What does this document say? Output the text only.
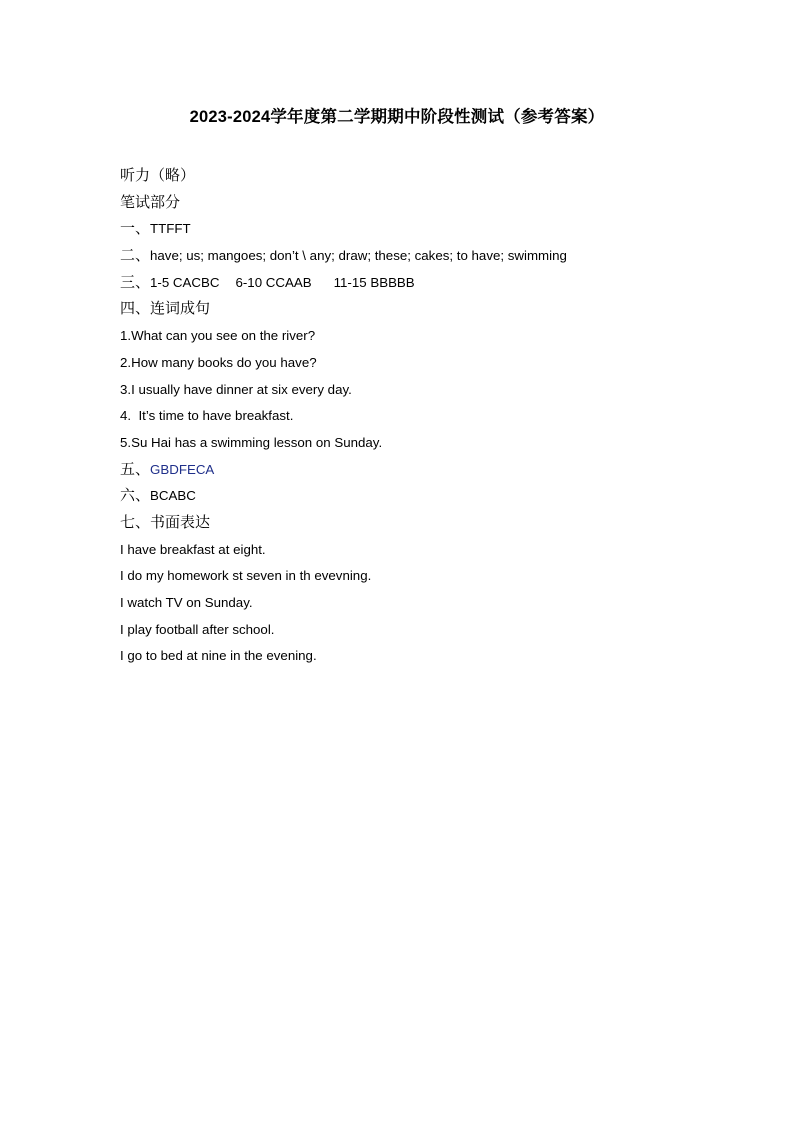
2023-2024学年度第二学期期中阶段性测试（参考答案）
听力（略）
笔试部分
一、TTFFT
二、have; us; mangoes; don’t \ any; draw; these; cakes; to have; swimming
三、1-5 CACBC 6-10 CCAAB 11-15 BBBBB
四、连词成句
1.What can you see on the river?
2.How many books do you have?
3.I usually have dinner at six every day.
4.  It’s time to have breakfast.
5.Su Hai has a swimming lesson on Sunday.
五、GBDFECA
六、BCABC
七、书面表达
I have breakfast at eight.
I do my homework st seven in th evevning.
I watch TV on Sunday.
I play football after school.
I go to bed at nine in the evening.
